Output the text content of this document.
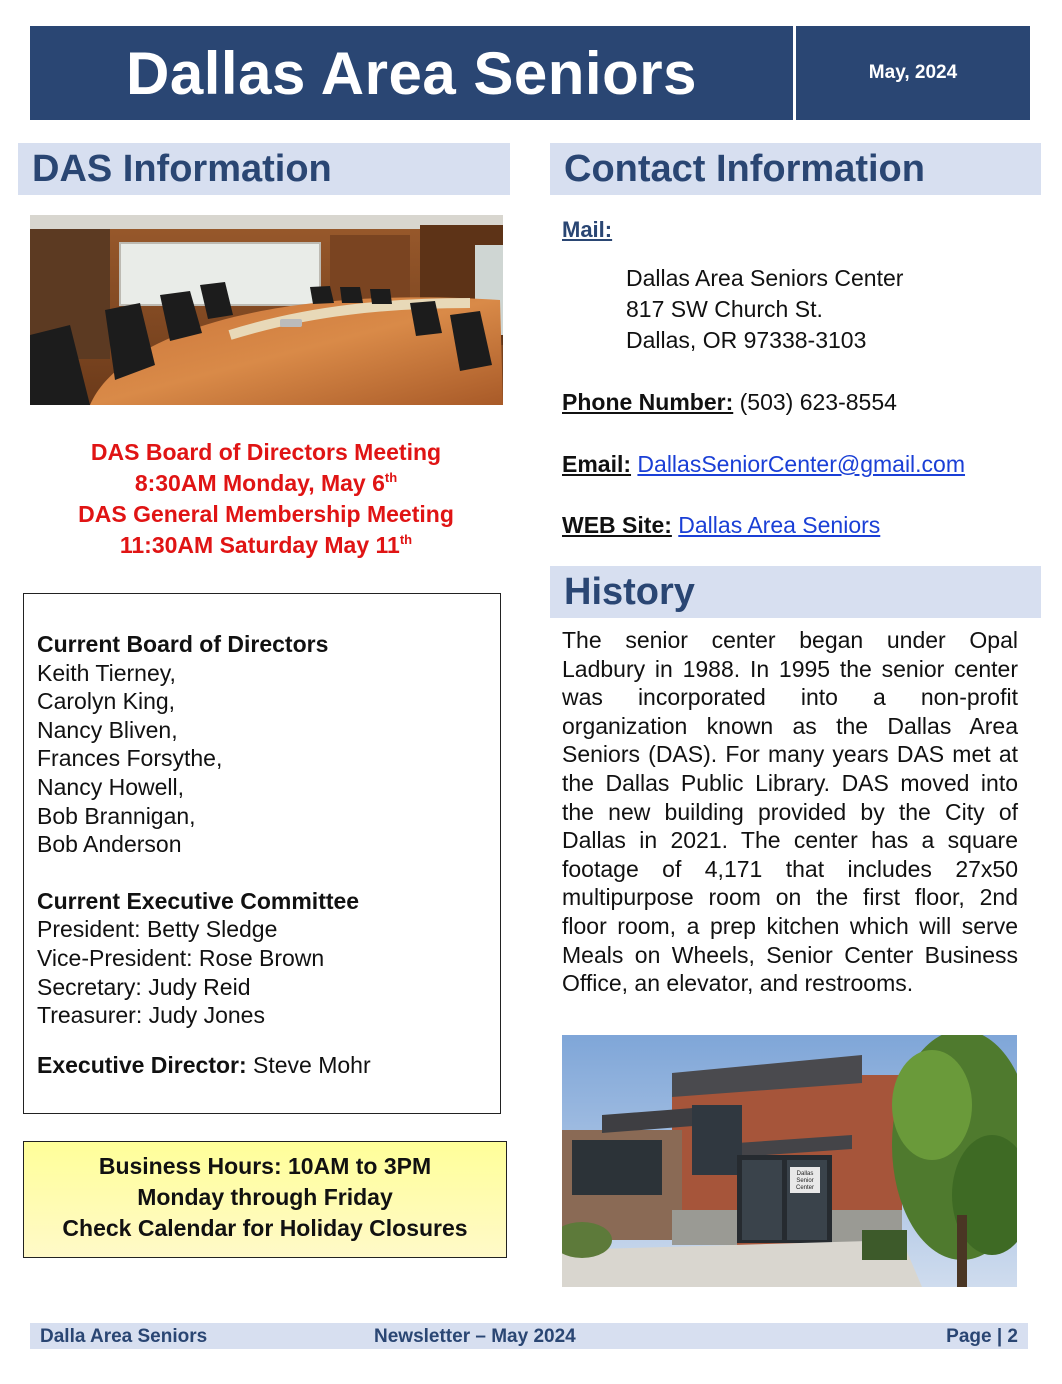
Dallas Area Seniors	May, 2024
DAS Information
DAS Board of Directors Meeting
8:30AM Monday, May 6th
DAS General Membership Meeting
11:30AM Saturday May 11th
Current Board of Directors
Keith Tierney,
Carolyn King,
Nancy Bliven,
Frances Forsythe,
Nancy Howell,
Bob Brannigan,
Bob Anderson
Current Executive Committee
President: Betty Sledge
Vice-President: Rose Brown
Secretary: Judy Reid
Treasurer: Judy Jones
Executive Director: Steve Mohr
Business Hours: 10AM to 3PM
Monday through Friday
Check Calendar for Holiday Closures
Contact Information
Mail:
Dallas Area Seniors Center
817 SW Church St.
Dallas, OR 97338-3103
Phone Number: (503) 623-8554
Email: DallasSeniorCenter@gmail.com
WEB Site: Dallas Area Seniors
History
The senior center began under Opal Ladbury in 1988. In 1995 the senior center was incorporated into a non-profit organization known as the Dallas Area Seniors (DAS). For many years DAS met at the Dallas Public Library. DAS moved into the new building provided by the City of Dallas in 2021. The center has a square footage of 4,171 that includes 27x50 multipurpose room on the first floor, 2nd floor room, a prep kitchen which will serve Meals on Wheels, Senior Center Business Office, an elevator, and restrooms.
Dallas
Senior
Center
Dalla Area Seniors	Newsletter – May 2024	Page | 2
